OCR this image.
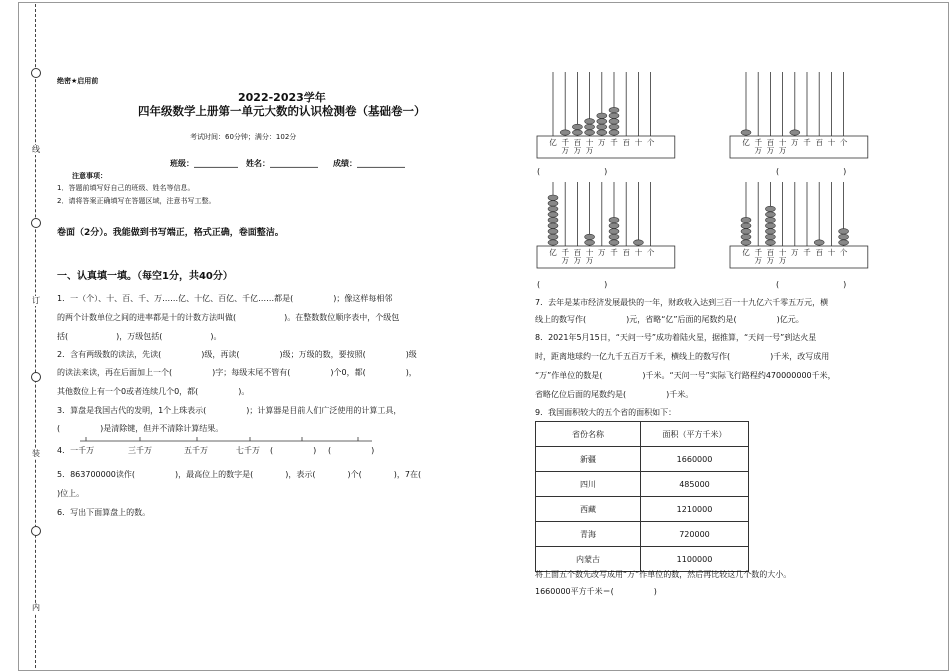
线
订
装
内
绝密★启用前
2022-2023学年
四年级数学上册第一单元大数的认识检测卷（基础卷一）
考试时间：60分钟；满分：102分
班级：___________ 姓名：____________ 成绩：____________
注意事项：
1．答题前填写好自己的班级、姓名等信息。
2．请将答案正确填写在答题区域，注意书写工整。
卷面（2分）。我能做到书写端正，格式正确，卷面整洁。
一、认真填一填。（每空1分，共40分）
1．一（个）、十、百、千、万……亿、十亿、百亿、千亿……都是(　　　　　)；像这样每相邻
的两个计数单位之间的进率都是十的计数方法叫做(　　　　　　)。在整数数位顺序表中，个级包
括(　　　　　　)，万级包括(　　　　　　)。
2．含有两级数的读法，先读(　　　　　)级，再读(　　　　　)级；万级的数，要按照(　　　　　)级
的读法来读，再在后面加上一个(　　　　　)字；每级末尾不管有(　　　　　)个0，都(　　　　　)，
其他数位上有一个0或者连续几个0，都(　　　　　)。
3．算盘是我国古代的发明，1个上珠表示(　　　　　)；计算器是目前人们广泛使用的计算工具，
(　　　　　)是清除键，但并不清除计算结果。
4．一千万	三千万	五千万	七千万 (　　　　　) (　　　　　)
5．863700000读作(　　　　　)，最高位上的数字是(　　　　)，表示(　　　　)个(　　　　)，7在(　　
)位上。
6．写出下面算盘上的数。
亿 千
万
百
万
十
万
万 千 百 十 个
(　　　　　　　　)
亿 千
万
百
万
十
万
万 千 百 十 个
(　　　　　　　　)
亿 千
万
百
万
十
万
万 千 百 十 个
(　　　　　　　　)
亿 千
万
百
万
十
万
万 千 百 十 个
(　　　　　　　　)
7．去年是某市经济发展最快的一年，财政收入达到三百一十九亿六千零五万元，横
线上的数写作(　　　　　)元，省略“亿”后面的尾数约是(　　　　　)亿元。
8．2021年5月15日，“天问一号”成功着陆火星，据推算，“天问一号”到达火星
时，距离地球约一亿九千五百万千米，横线上的数写作(　　　　　)千米，改写成用
“万”作单位的数是(　　　　　)千米。“天问一号”实际飞行路程约470000000千米，
省略亿位后面的尾数约是(　　　　　)千米。
9．我国面积较大的五个省的面积如下：
省份名称	面积（平方千米）
新疆	1660000
四川	485000
西藏	1210000
青海	720000
内蒙古	1100000
将上面五个数先改写成用“万”作单位的数，然后再比较这几个数的大小。
1660000平方千米＝(　　　　　)
